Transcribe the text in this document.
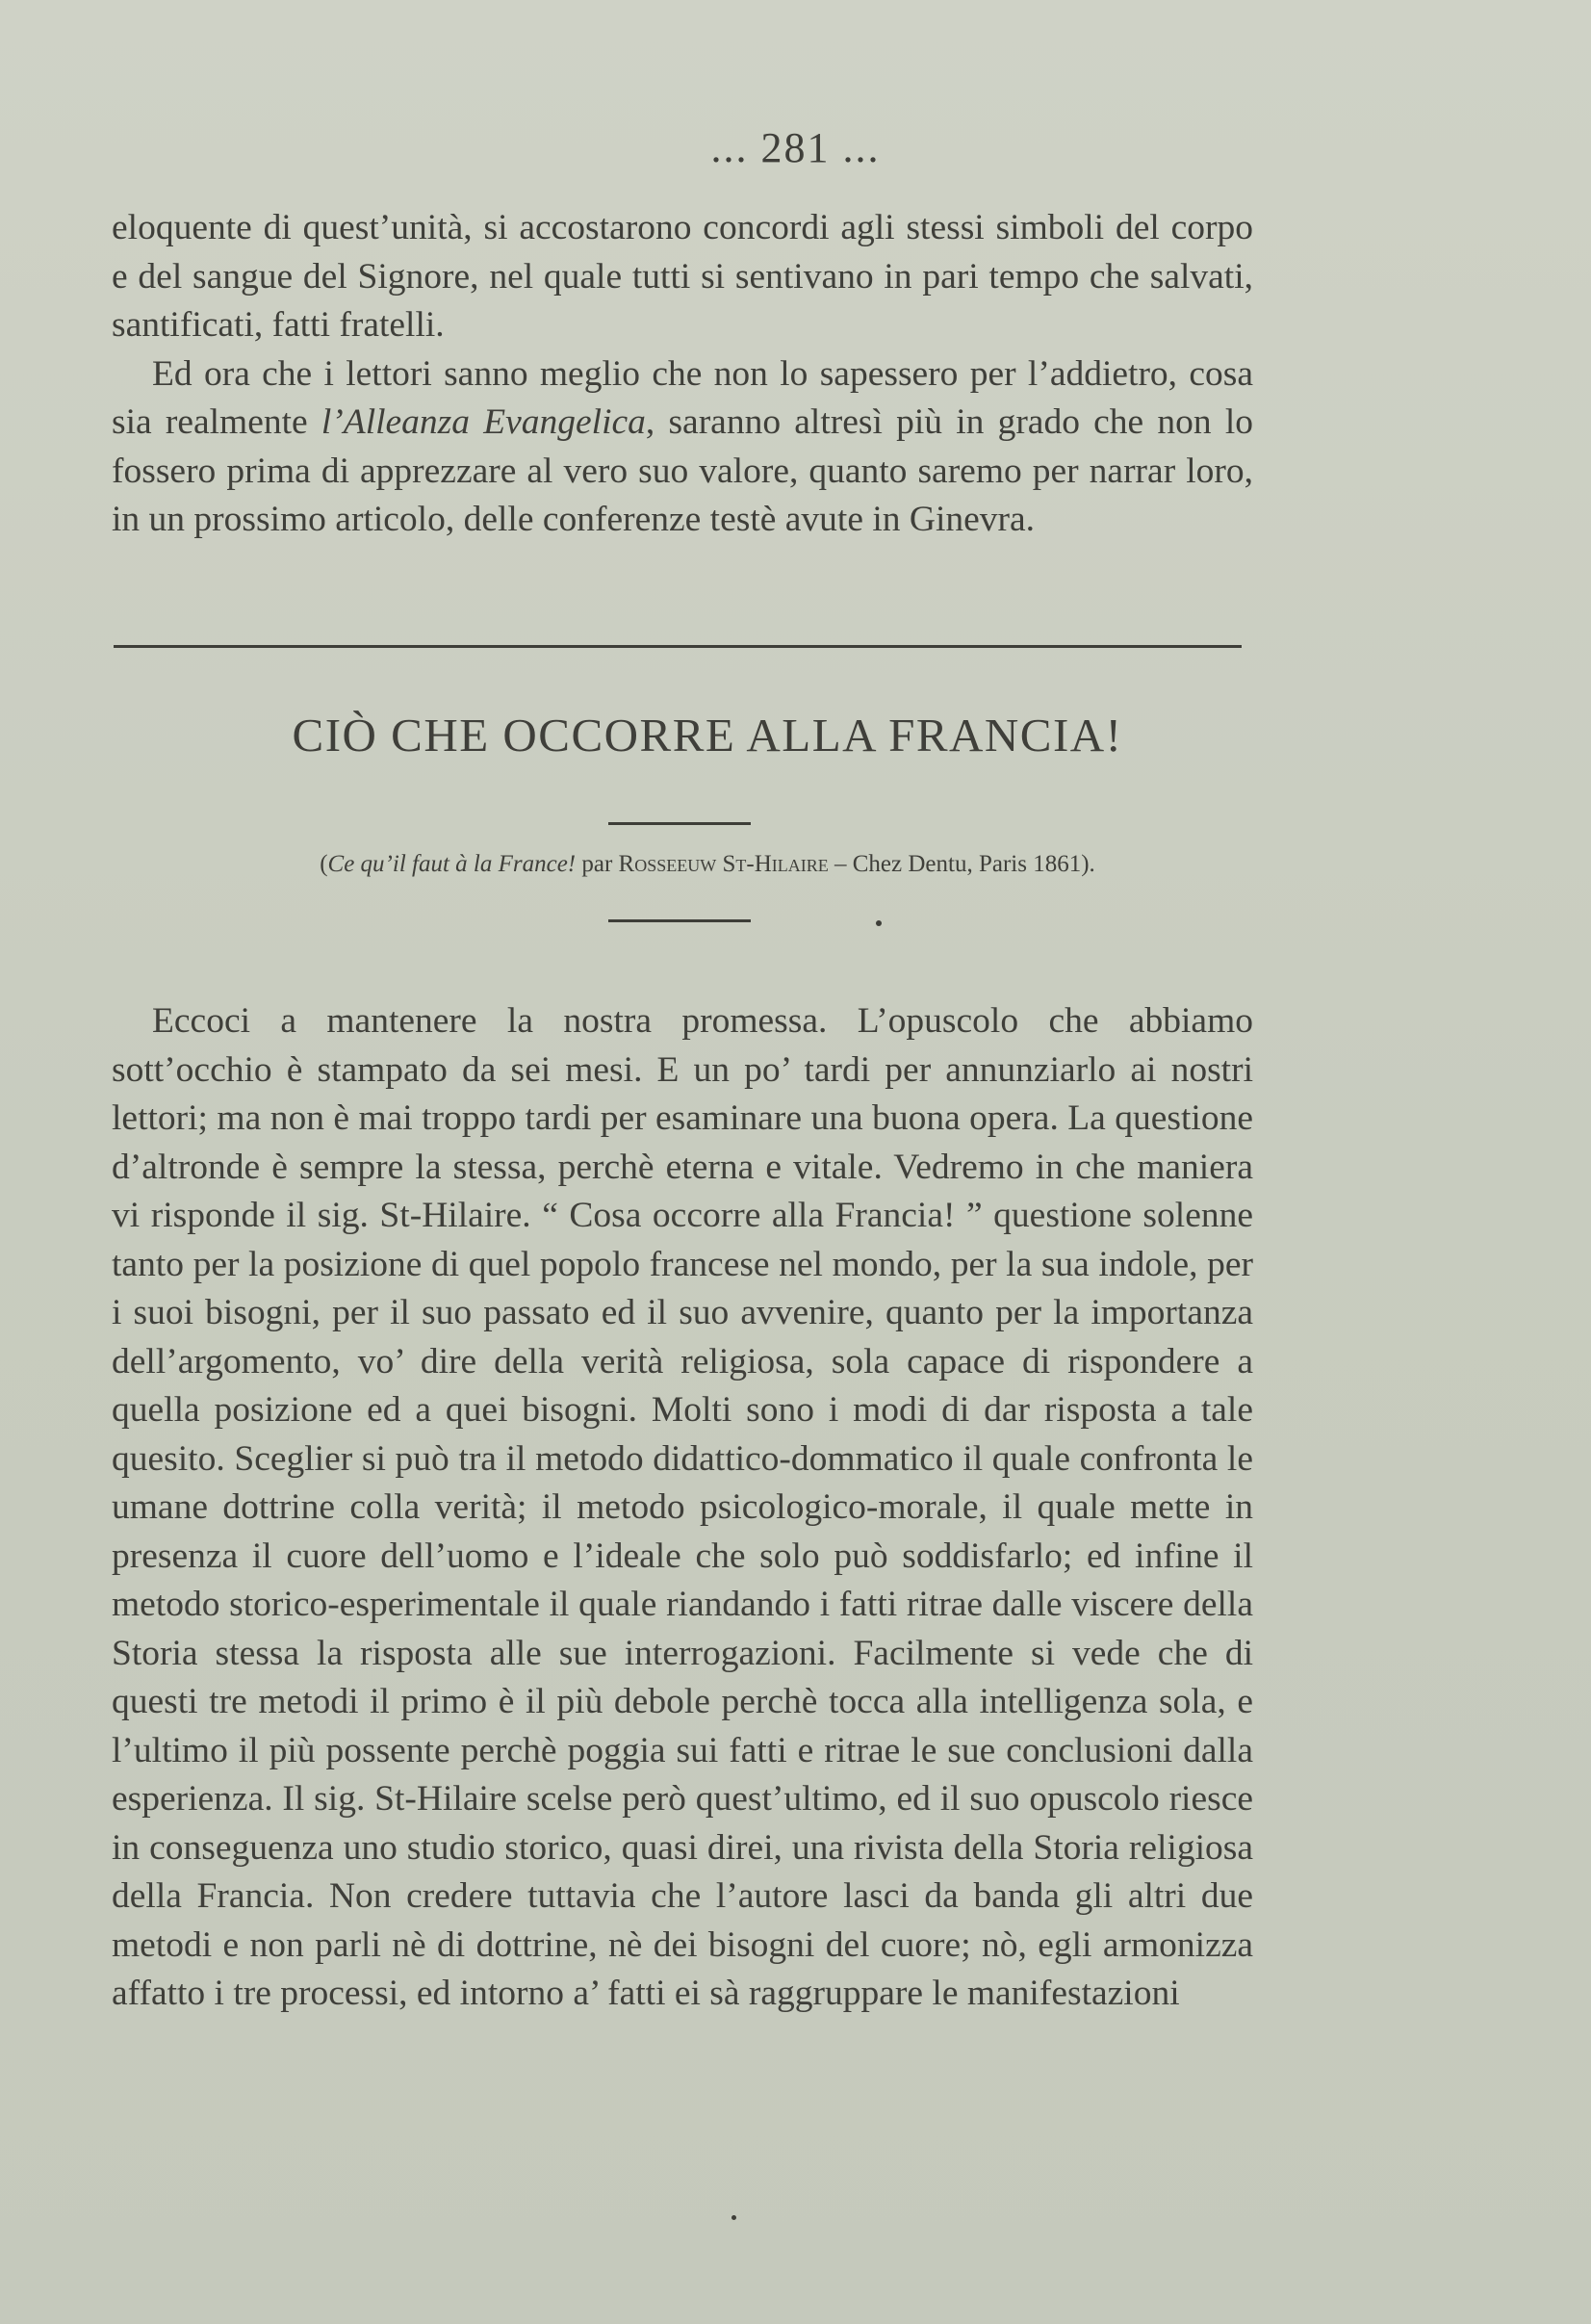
... 281 ...

eloquente di quest’unità, si accostarono concordi agli stessi simboli del corpo e del sangue del Signore, nel quale tutti si sentivano in pari tempo che salvati, santificati, fatti fratelli.

Ed ora che i lettori sanno meglio che non lo sapessero per l’addietro, cosa sia realmente l’Alleanza Evangelica, saranno altresì più in grado che non lo fossero prima di apprezzare al vero suo valore, quanto saremo per narrar loro, in un prossimo articolo, delle conferenze testè avute in Ginevra.

CIÒ CHE OCCORRE ALLA FRANCIA!
(Ce qu’il faut à la France! par Rosseeuw St-Hilaire – Chez Dentu, Paris 1861).

Eccoci a mantenere la nostra promessa. L’opuscolo che abbiamo sott’occhio è stampato da sei mesi. E un po’ tardi per annunziarlo ai nostri lettori; ma non è mai troppo tardi per esaminare una buona opera. La questione d’altronde è sempre la stessa, perchè eterna e vitale. Vedremo in che maniera vi risponde il sig. St-Hilaire. “ Cosa occorre alla Francia! ” questione solenne tanto per la posizione di quel popolo francese nel mondo, per la sua indole, per i suoi bisogni, per il suo passato ed il suo avvenire, quanto per la importanza dell’argomento, vo’ dire della verità religiosa, sola capace di rispondere a quella posizione ed a quei bisogni. Molti sono i modi di dar risposta a tale quesito. Sceglier si può tra il metodo didattico-dommatico il quale confronta le umane dottrine colla verità; il metodo psicologico-morale, il quale mette in presenza il cuore dell’uomo e l’ideale che solo può soddisfarlo; ed infine il metodo storico-esperimentale il quale riandando i fatti ritrae dalle viscere della Storia stessa la risposta alle sue interrogazioni. Facilmente si vede che di questi tre metodi il primo è il più debole perchè tocca alla intelligenza sola, e l’ultimo il più possente perchè poggia sui fatti e ritrae le sue conclusioni dalla esperienza. Il sig. St-Hilaire scelse però quest’ultimo, ed il suo opuscolo riesce in conseguenza uno studio storico, quasi direi, una rivista della Storia religiosa della Francia. Non credere tuttavia che l’autore lasci da banda gli altri due metodi e non parli nè di dottrine, nè dei bisogni del cuore; nò, egli armonizza affatto i tre processi, ed intorno a’ fatti ei sà raggruppare le manifestazioni
